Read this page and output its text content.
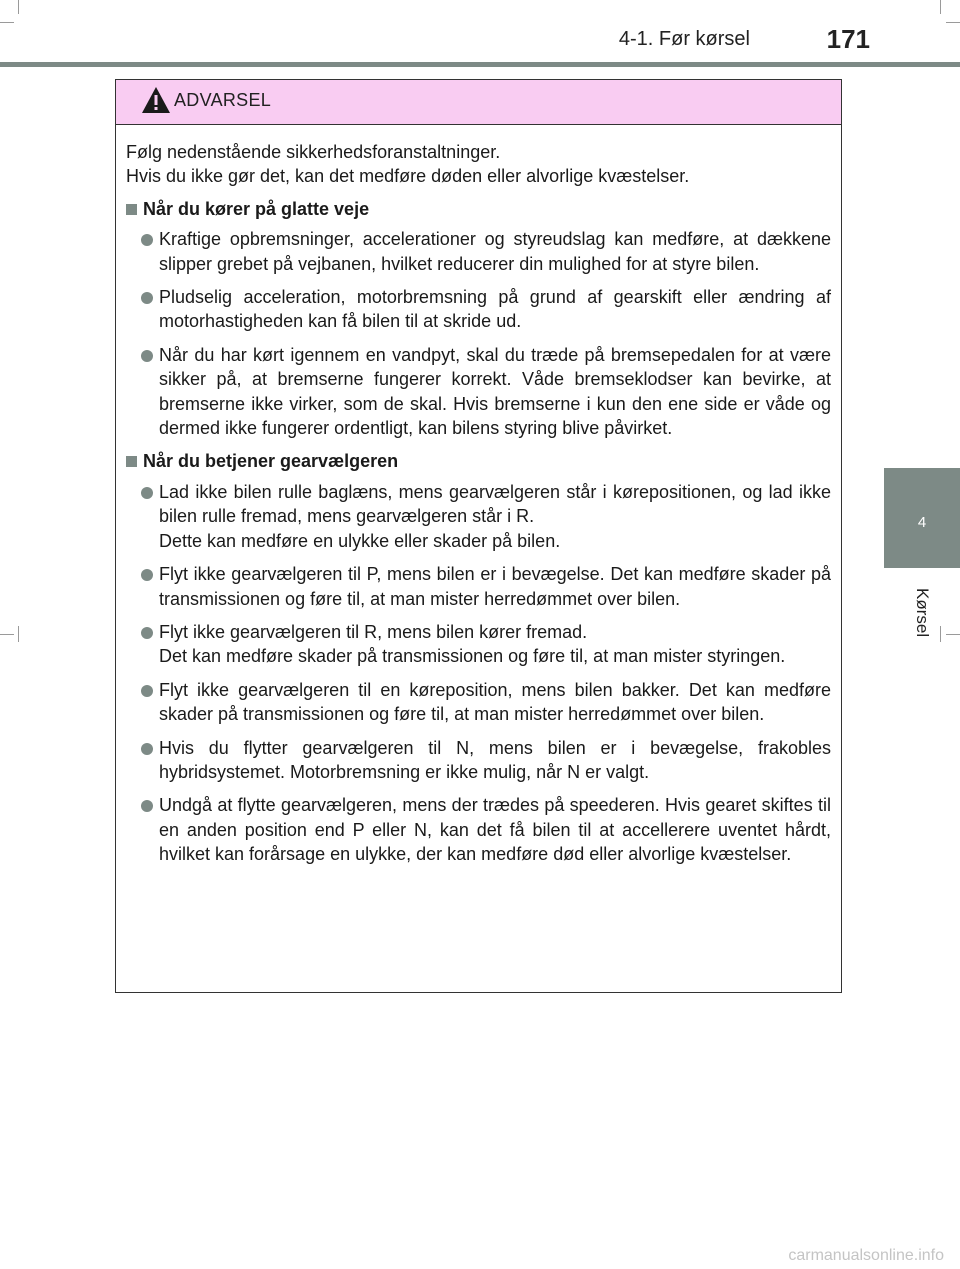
4-1. Før kørsel	171
4
Kørsel
ADVARSEL

Følg nedenstående sikkerhedsforanstaltninger.
Hvis du ikke gør det, kan det medføre døden eller alvorlige kvæstelser.

Når du kører på glatte veje
Kraftige opbremsninger, accelerationer og styreudslag kan medføre, at dækkene slipper grebet på vejbanen, hvilket reducerer din mulighed for at styre bilen.
Pludselig acceleration, motorbremsning på grund af gearskift eller ændring af motorhastigheden kan få bilen til at skride ud.
Når du har kørt igennem en vandpyt, skal du træde på bremsepedalen for at være sikker på, at bremserne fungerer korrekt. Våde bremseklodser kan bevirke, at bremserne ikke virker, som de skal. Hvis bremserne i kun den ene side er våde og dermed ikke fungerer ordentligt, kan bilens styring blive påvirket.
Når du betjener gearvælgeren
Lad ikke bilen rulle baglæns, mens gearvælgeren står i kørepositionen, og lad ikke bilen rulle fremad, mens gearvælgeren står i R.
Dette kan medføre en ulykke eller skader på bilen.
Flyt ikke gearvælgeren til P, mens bilen er i bevægelse. Det kan medføre skader på transmissionen og føre til, at man mister herredømmet over bilen.
Flyt ikke gearvælgeren til R, mens bilen kører fremad.
Det kan medføre skader på transmissionen og føre til, at man mister styringen.
Flyt ikke gearvælgeren til en køreposition, mens bilen bakker. Det kan medføre skader på transmissionen og føre til, at man mister herredømmet over bilen.
Hvis du flytter gearvælgeren til N, mens bilen er i bevægelse, frakobles hybridsystemet. Motorbremsning er ikke mulig, når N er valgt.
Undgå at flytte gearvælgeren, mens der trædes på speederen. Hvis gearet skiftes til en anden position end P eller N, kan det få bilen til at accellerere uventet hårdt, hvilket kan forårsage en ulykke, der kan medføre død eller alvorlige kvæstelser.
carmanualsonline.info
